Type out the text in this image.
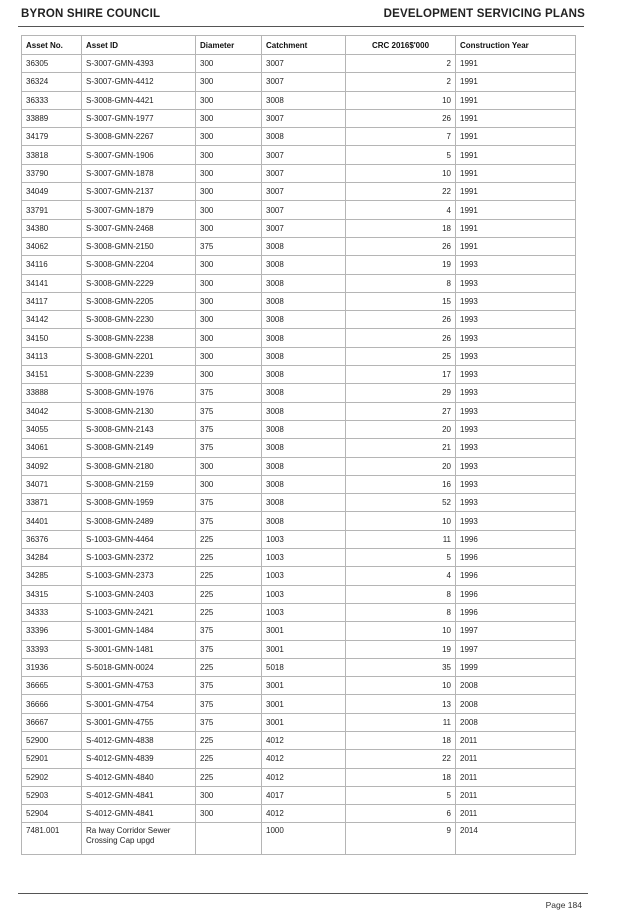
BYRON SHIRE COUNCIL	DEVELOPMENT SERVICING PLANS
Asset No.	Asset ID	Diameter	Catchment	CRC 2016$'000	Construction Year
36305	S-3007-GMN-4393	300	3007	2	1991
36324	S-3007-GMN-4412	300	3007	2	1991
36333	S-3008-GMN-4421	300	3008	10	1991
33889	S-3007-GMN-1977	300	3007	26	1991
34179	S-3008-GMN-2267	300	3008	7	1991
33818	S-3007-GMN-1906	300	3007	5	1991
33790	S-3007-GMN-1878	300	3007	10	1991
34049	S-3007-GMN-2137	300	3007	22	1991
33791	S-3007-GMN-1879	300	3007	4	1991
34380	S-3007-GMN-2468	300	3007	18	1991
34062	S-3008-GMN-2150	375	3008	26	1991
34116	S-3008-GMN-2204	300	3008	19	1993
34141	S-3008-GMN-2229	300	3008	8	1993
34117	S-3008-GMN-2205	300	3008	15	1993
34142	S-3008-GMN-2230	300	3008	26	1993
34150	S-3008-GMN-2238	300	3008	26	1993
34113	S-3008-GMN-2201	300	3008	25	1993
34151	S-3008-GMN-2239	300	3008	17	1993
33888	S-3008-GMN-1976	375	3008	29	1993
34042	S-3008-GMN-2130	375	3008	27	1993
34055	S-3008-GMN-2143	375	3008	20	1993
34061	S-3008-GMN-2149	375	3008	21	1993
34092	S-3008-GMN-2180	300	3008	20	1993
34071	S-3008-GMN-2159	300	3008	16	1993
33871	S-3008-GMN-1959	375	3008	52	1993
34401	S-3008-GMN-2489	375	3008	10	1993
36376	S-1003-GMN-4464	225	1003	11	1996
34284	S-1003-GMN-2372	225	1003	5	1996
34285	S-1003-GMN-2373	225	1003	4	1996
34315	S-1003-GMN-2403	225	1003	8	1996
34333	S-1003-GMN-2421	225	1003	8	1996
33396	S-3001-GMN-1484	375	3001	10	1997
33393	S-3001-GMN-1481	375	3001	19	1997
31936	S-5018-GMN-0024	225	5018	35	1999
36665	S-3001-GMN-4753	375	3001	10	2008
36666	S-3001-GMN-4754	375	3001	13	2008
36667	S-3001-GMN-4755	375	3001	11	2008
52900	S-4012-GMN-4838	225	4012	18	2011
52901	S-4012-GMN-4839	225	4012	22	2011
52902	S-4012-GMN-4840	225	4012	18	2011
52903	S-4012-GMN-4841	300	4017	5	2011
52904	S-4012-GMN-4841	300	4012	6	2011
7481.001	Ra lway Corridor Sewer Crossing Cap upgd		1000	9	2014
Page 184
